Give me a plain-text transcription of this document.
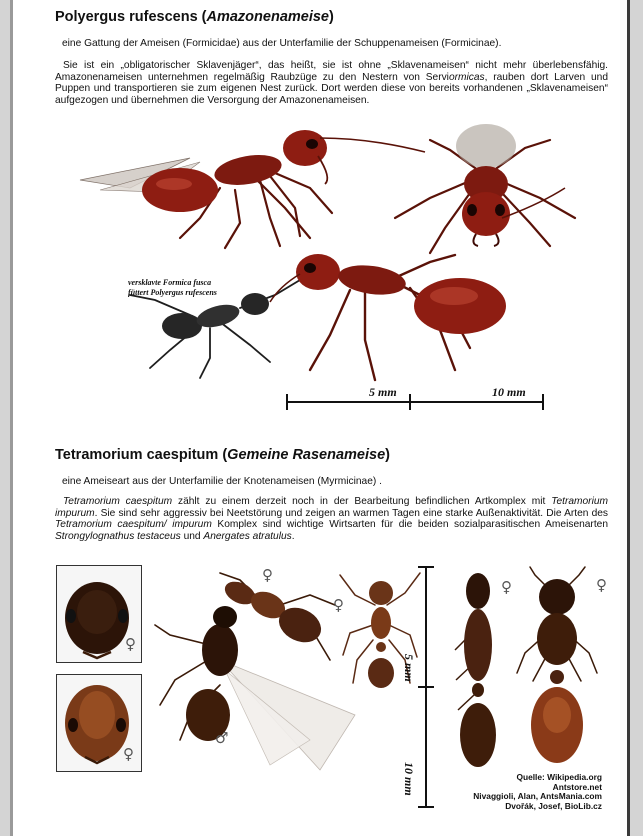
Polyergus rufescens (Amazonenameise)

eine Gattung der Ameisen (Formicidae) aus der Unterfamilie der Schuppenameisen (Formicinae).

Sie ist ein „obligatorischer Sklavenjäger“, das heißt, sie ist ohne „Sklavenameisen“ nicht mehr überlebensfähig. Amazonenameisen unternehmen regelmäßig Raubzüge zu den Nestern von Serviormicas, rauben dort Larven und Puppen und transportieren sie zum eigenen Nest zurück. Dort werden diese von bereits vorhandenen „Sklavenameisen“ aufgezogen und übernehmen die Versorgung der Amazonenameisen.

versklavte Formica fusca
füttert Polyergus rufescens
5 mm	10 mm
Tetramorium caespitum (Gemeine Rasenameise)

eine Ameiseart aus der Unterfamilie der Knotenameisen (Myrmicinae) .

Tetramorium caespitum zählt zu einem derzeit noch in der Bearbeitung befindlichen Artkomplex mit Tetramorium impurum. Sie sind sehr aggressiv bei Neetstörung und zeigen an warmen Tagen eine starke Außenaktivität. Die Arten des Tetramorium caespitum/ impurum Komplex sind wichtige Wirtsarten für die beiden sozialparasitischen Ameisenarten Strongylognathus testaceus und Anergates atratulus.

♀
♀
♀
♂
♀
5 mm
10 mm
♀	♀
Quelle: Wikipedia.org
Antstore.net
Nivaggioli, Alan, AntsMania.com
Dvořák, Josef, BioLib.cz
